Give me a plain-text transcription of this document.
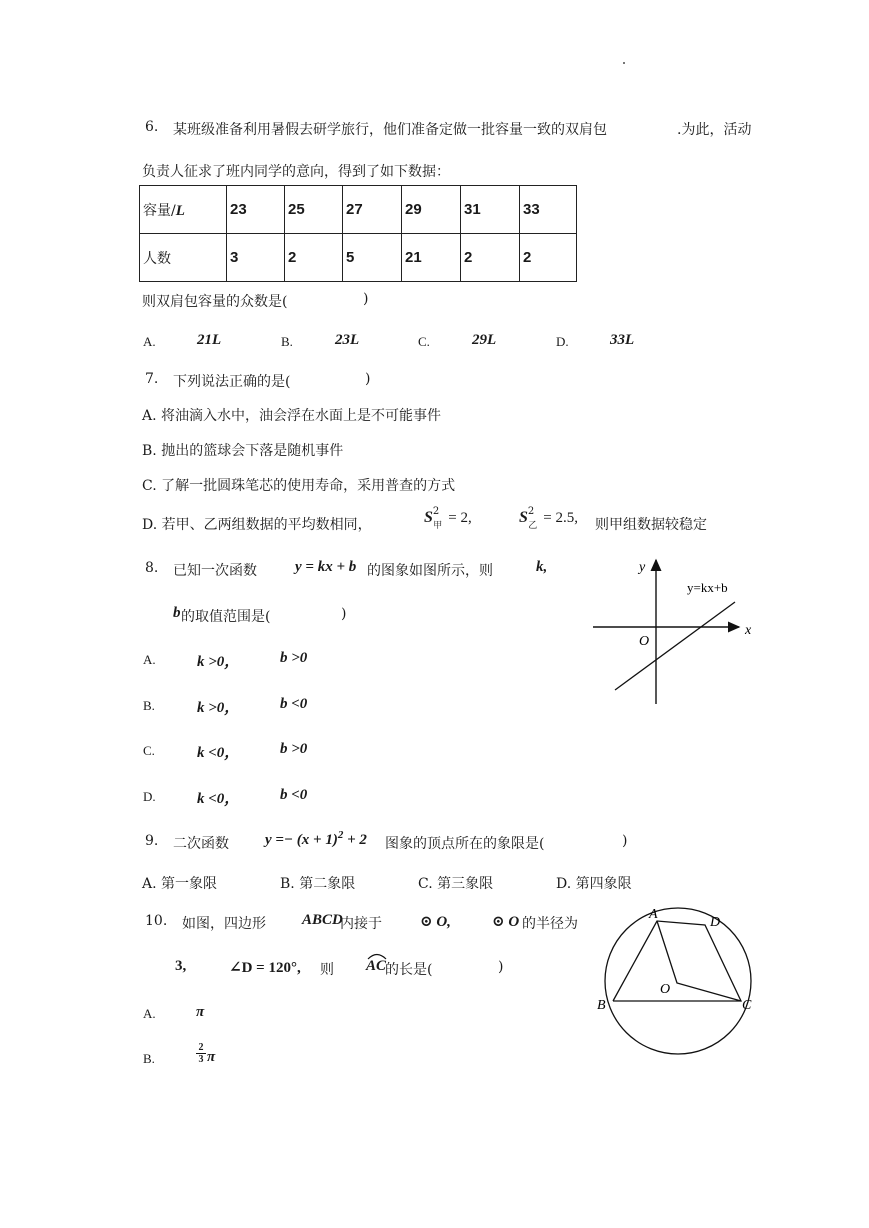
6. 某班级准备利用暑假去研学旅行，他们准备定做一批容量一致的双肩包	.为此，活动
负责人征求了班内同学的意向，得到了如下数据：
容量/L	23	25	27	29	31	33
人数	3	2	5	21	2	2
则双肩包容量的众数是(	)
A.	21L	B.	23L	C.	29L	D.	33L
7. 下列说法正确的是(	)
A. 将油滴入水中，油会浮在水面上是不可能事件
B. 抛出的篮球会下落是随机事件
C. 了解一批圆珠笔芯的使用寿命，采用普查的方式
D. 若甲、乙两组数据的平均数相同，	$S^2_甲 = 2$,	$S^2_乙 = 2.5$, 则甲组数据较稳定
8. 已知一次函数	y = kx + b 的图象如图所示，则	k,
b 的取值范围是(	)
A.	k >0，	b >0
B.	k >0，	b <0
C.	k <0，	b >0
D.	k <0，	b <0
y
x
O
y=kx+b
9. 二次函数 $y =- (x + 1)^2 + 2$ 图象的顶点所在的象限是(	)
A. 第一象限	B. 第二象限	C. 第三象限	D. 第四象限
10. 如图，四边形 ABCD
内接于	⊙ O,	⊙ O 的半径为
3,	∠D = 120°, 则 AC
的长是(	)
A.	π
B.
2
3 π
A
D
B	C
O
